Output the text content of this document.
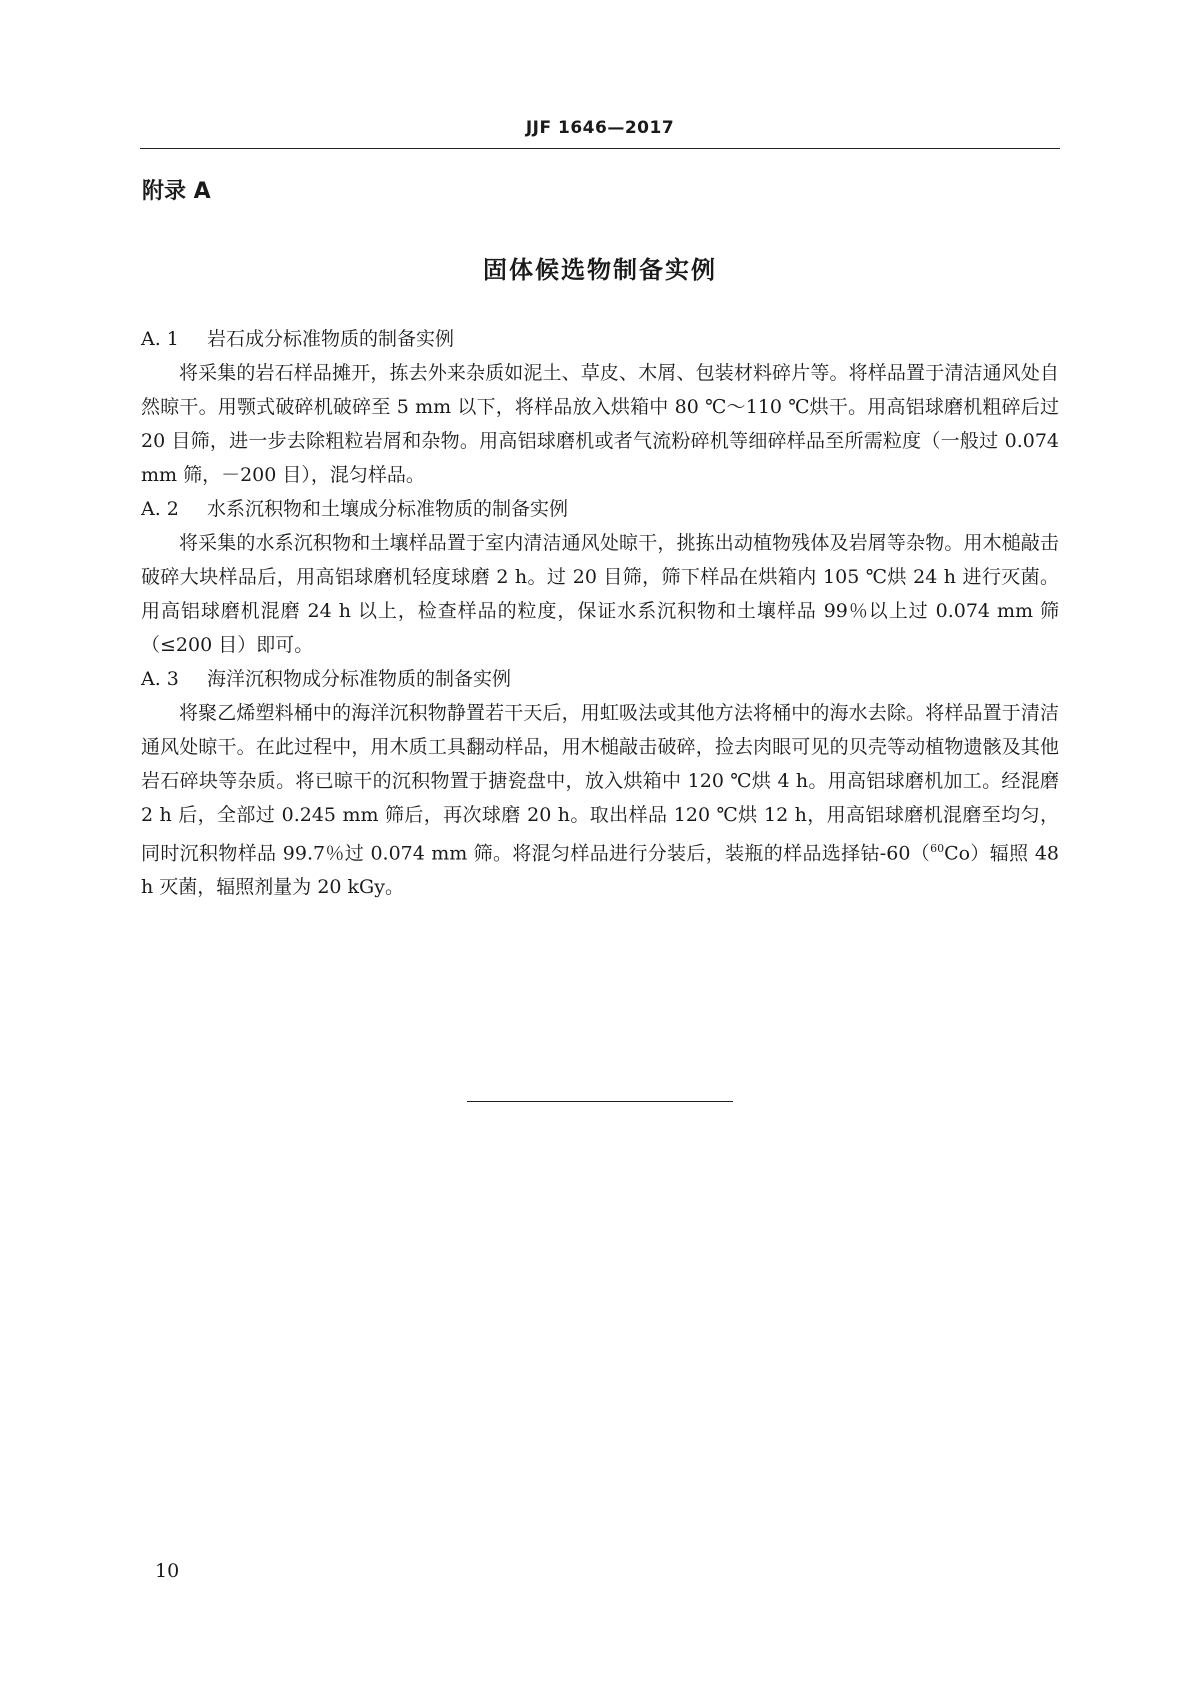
JJF 1646—2017
附录 A
固体候选物制备实例

A. 1 岩石成分标准物质的制备实例

将采集的岩石样品摊开，拣去外来杂质如泥土、草皮、木屑、包装材料碎片等。将样品置于清洁通风处自然晾干。用颚式破碎机破碎至 5 mm 以下，将样品放入烘箱中 80 ℃～110 ℃烘干。用高铝球磨机粗碎后过 20 目筛，进一步去除粗粒岩屑和杂物。用高铝球磨机或者气流粉碎机等细碎样品至所需粒度（一般过 0.074 mm 筛，－200 目），混匀样品。

A. 2 水系沉积物和土壤成分标准物质的制备实例

将采集的水系沉积物和土壤样品置于室内清洁通风处晾干，挑拣出动植物残体及岩屑等杂物。用木槌敲击破碎大块样品后，用高铝球磨机轻度球磨 2 h。过 20 目筛，筛下样品在烘箱内 105 ℃烘 24 h 进行灭菌。用高铝球磨机混磨 24 h 以上，检查样品的粒度，保证水系沉积物和土壤样品 99％以上过 0.074 mm 筛（≤200 目）即可。

A. 3 海洋沉积物成分标准物质的制备实例

将聚乙烯塑料桶中的海洋沉积物静置若干天后，用虹吸法或其他方法将桶中的海水去除。将样品置于清洁通风处晾干。在此过程中，用木质工具翻动样品，用木槌敲击破碎，捡去肉眼可见的贝壳等动植物遗骸及其他岩石碎块等杂质。将已晾干的沉积物置于搪瓷盘中，放入烘箱中 120 ℃烘 4 h。用高铝球磨机加工。经混磨 2 h 后，全部过 0.245 mm 筛后，再次球磨 20 h。取出样品 120 ℃烘 12 h，用高铝球磨机混磨至均匀，同时沉积物样品 99.7％过 0.074 mm 筛。将混匀样品进行分装后，装瓶的样品选择钴-60（$^{60}$Co）辐照 48 h 灭菌，辐照剂量为 20 kGy。

10
